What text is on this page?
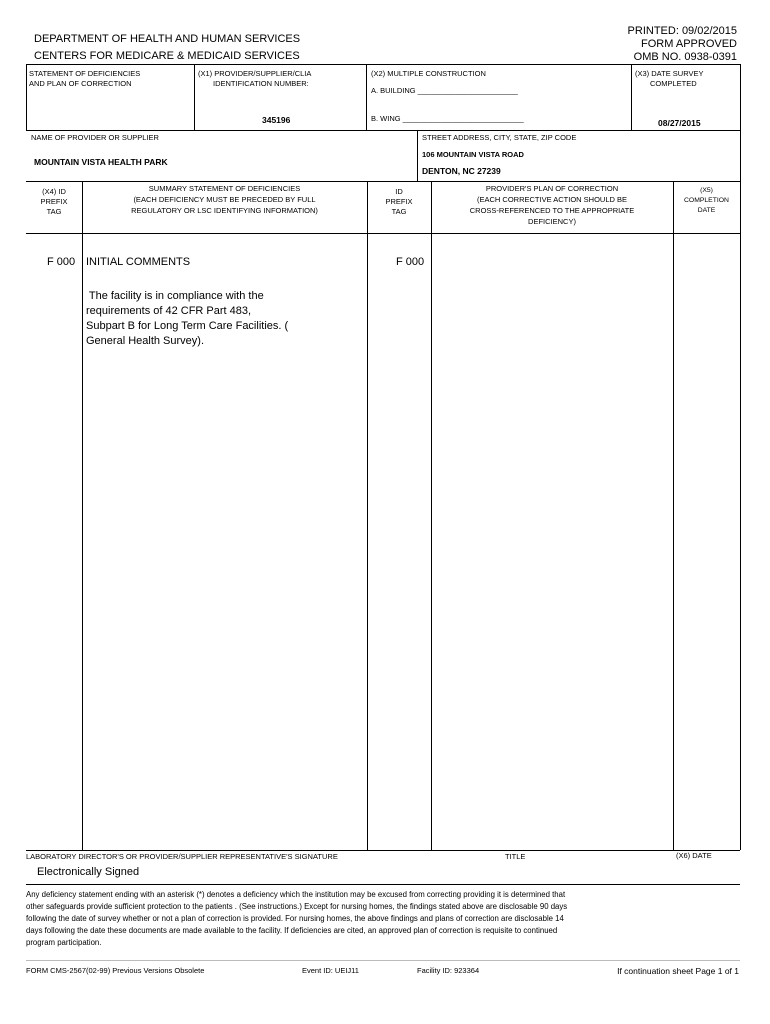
DEPARTMENT OF HEALTH AND HUMAN SERVICES
CENTERS FOR MEDICARE & MEDICAID SERVICES
PRINTED: 09/02/2015
FORM APPROVED
OMB NO. 0938-0391
STATEMENT OF DEFICIENCIES
AND PLAN OF CORRECTION
(X1) PROVIDER/SUPPLIER/CLIA
IDENTIFICATION NUMBER:
345196
(X2) MULTIPLE CONSTRUCTION
A. BUILDING ________________________
B. WING _____________________________
(X3) DATE SURVEY
COMPLETED
08/27/2015
NAME OF PROVIDER OR SUPPLIER
MOUNTAIN VISTA HEALTH PARK
STREET ADDRESS, CITY, STATE, ZIP CODE
106 MOUNTAIN VISTA ROAD
DENTON, NC 27239
(X4) ID
PREFIX
TAG
SUMMARY STATEMENT OF DEFICIENCIES
(EACH DEFICIENCY MUST BE PRECEDED BY FULL
REGULATORY OR LSC IDENTIFYING INFORMATION)
ID
PREFIX
TAG
PROVIDER'S PLAN OF CORRECTION
(EACH CORRECTIVE ACTION SHOULD BE
CROSS-REFERENCED TO THE APPROPRIATE
DEFICIENCY)
(X5)
COMPLETION
DATE
F 000 INITIAL COMMENTS	F 000
The facility is in compliance with the
requirements of 42 CFR Part 483,
Subpart B for Long Term Care Facilities. (
General Health Survey).
LABORATORY DIRECTOR'S OR PROVIDER/SUPPLIER REPRESENTATIVE'S SIGNATURE	TITLE	(X6) DATE
Electronically Signed
Any deficiency statement ending with an asterisk (*) denotes a deficiency which the institution may be excused from correcting providing it is determined that
other safeguards provide sufficient protection to the patients . (See instructions.) Except for nursing homes, the findings stated above are disclosable 90 days
following the date of survey whether or not a plan of correction is provided. For nursing homes, the above findings and plans of correction are disclosable 14
days following the date these documents are made available to the facility. If deficiencies are cited, an approved plan of correction is requisite to continued
program participation.
FORM CMS-2567(02-99) Previous Versions Obsolete	Event ID: UEIJ11	Facility ID: 923364	If continuation sheet Page 1 of 1
